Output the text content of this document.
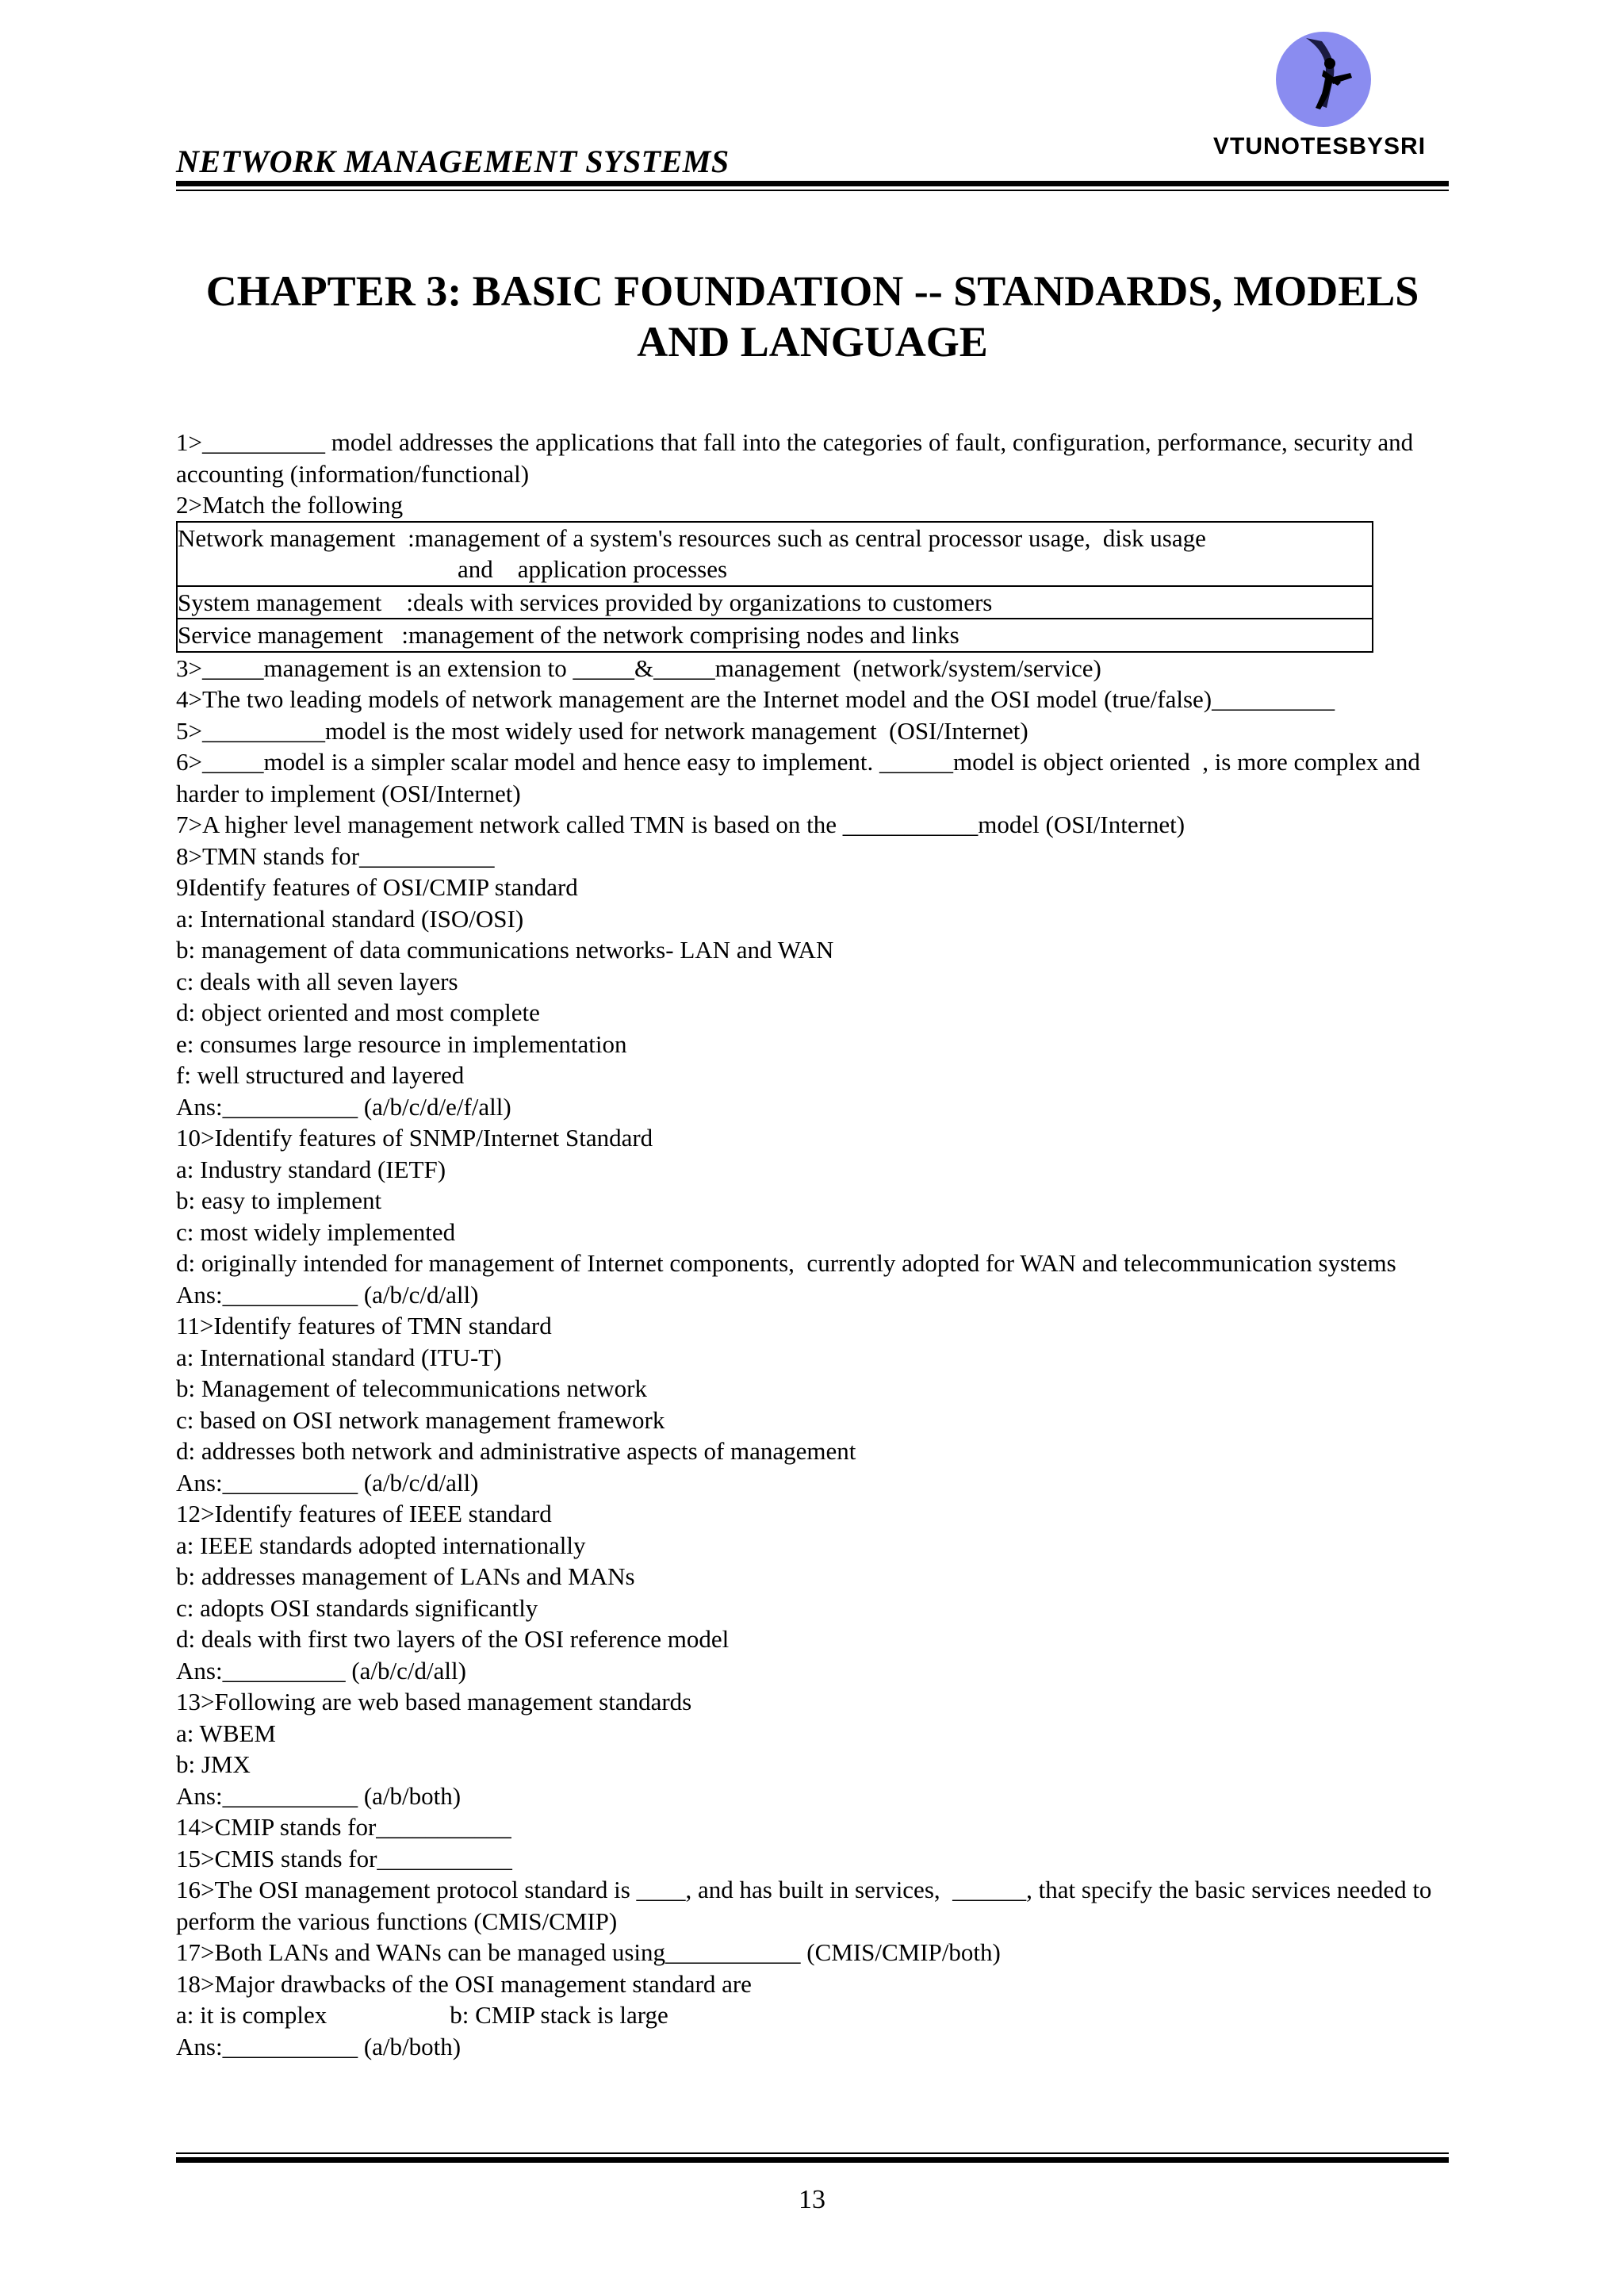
NETWORK MANAGEMENT SYSTEMS	VTUNOTESBYSRI
CHAPTER 3: BASIC FOUNDATION -- STANDARDS, MODELS AND LANGUAGE

1>__________ model addresses the applications that fall into the categories of fault, configuration, performance, security and accounting (information/functional)

2>Match the following

Network management  :management of a system's resources such as central processor usage,  disk usage
and    application processes

System management    :deals with services provided by organizations to customers

Service management   :management of the network comprising nodes and links

3>_____management is an extension to _____&_____management  (network/system/service)

4>The two leading models of network management are the Internet model and the OSI model (true/false)__________

5>__________model is the most widely used for network management  (OSI/Internet)

6>_____model is a simpler scalar model and hence easy to implement. ______model is object oriented  , is more complex and harder to implement (OSI/Internet)

7>A higher level management network called TMN is based on the ___________model (OSI/Internet)

8>TMN stands for___________

9Identify features of OSI/CMIP standard

a: International standard (ISO/OSI)

b: management of data communications networks- LAN and WAN

c: deals with all seven layers

d: object oriented and most complete

e: consumes large resource in implementation

f: well structured and layered

Ans:___________ (a/b/c/d/e/f/all)

10>Identify features of SNMP/Internet Standard

a: Industry standard (IETF)

b: easy to implement

c: most widely implemented

d: originally intended for management of Internet components,  currently adopted for WAN and telecommunication systems

Ans:___________ (a/b/c/d/all)

11>Identify features of TMN standard

a: International standard (ITU-T)

b: Management of telecommunications network

c: based on OSI network management framework

d: addresses both network and administrative aspects of management

Ans:___________ (a/b/c/d/all)

12>Identify features of IEEE standard

a: IEEE standards adopted internationally

b: addresses management of LANs and MANs

c: adopts OSI standards significantly

d: deals with first two layers of the OSI reference model

Ans:__________ (a/b/c/d/all)

13>Following are web based management standards

a: WBEM

b: JMX

Ans:___________ (a/b/both)

14>CMIP stands for___________

15>CMIS stands for___________

16>The OSI management protocol standard is ____, and has built in services,  ______, that specify the basic services needed to perform the various functions (CMIS/CMIP)

17>Both LANs and WANs can be managed using___________ (CMIS/CMIP/both)

18>Major drawbacks of the OSI management standard are

a: it is complex                    b: CMIP stack is large

Ans:___________ (a/b/both)

13
